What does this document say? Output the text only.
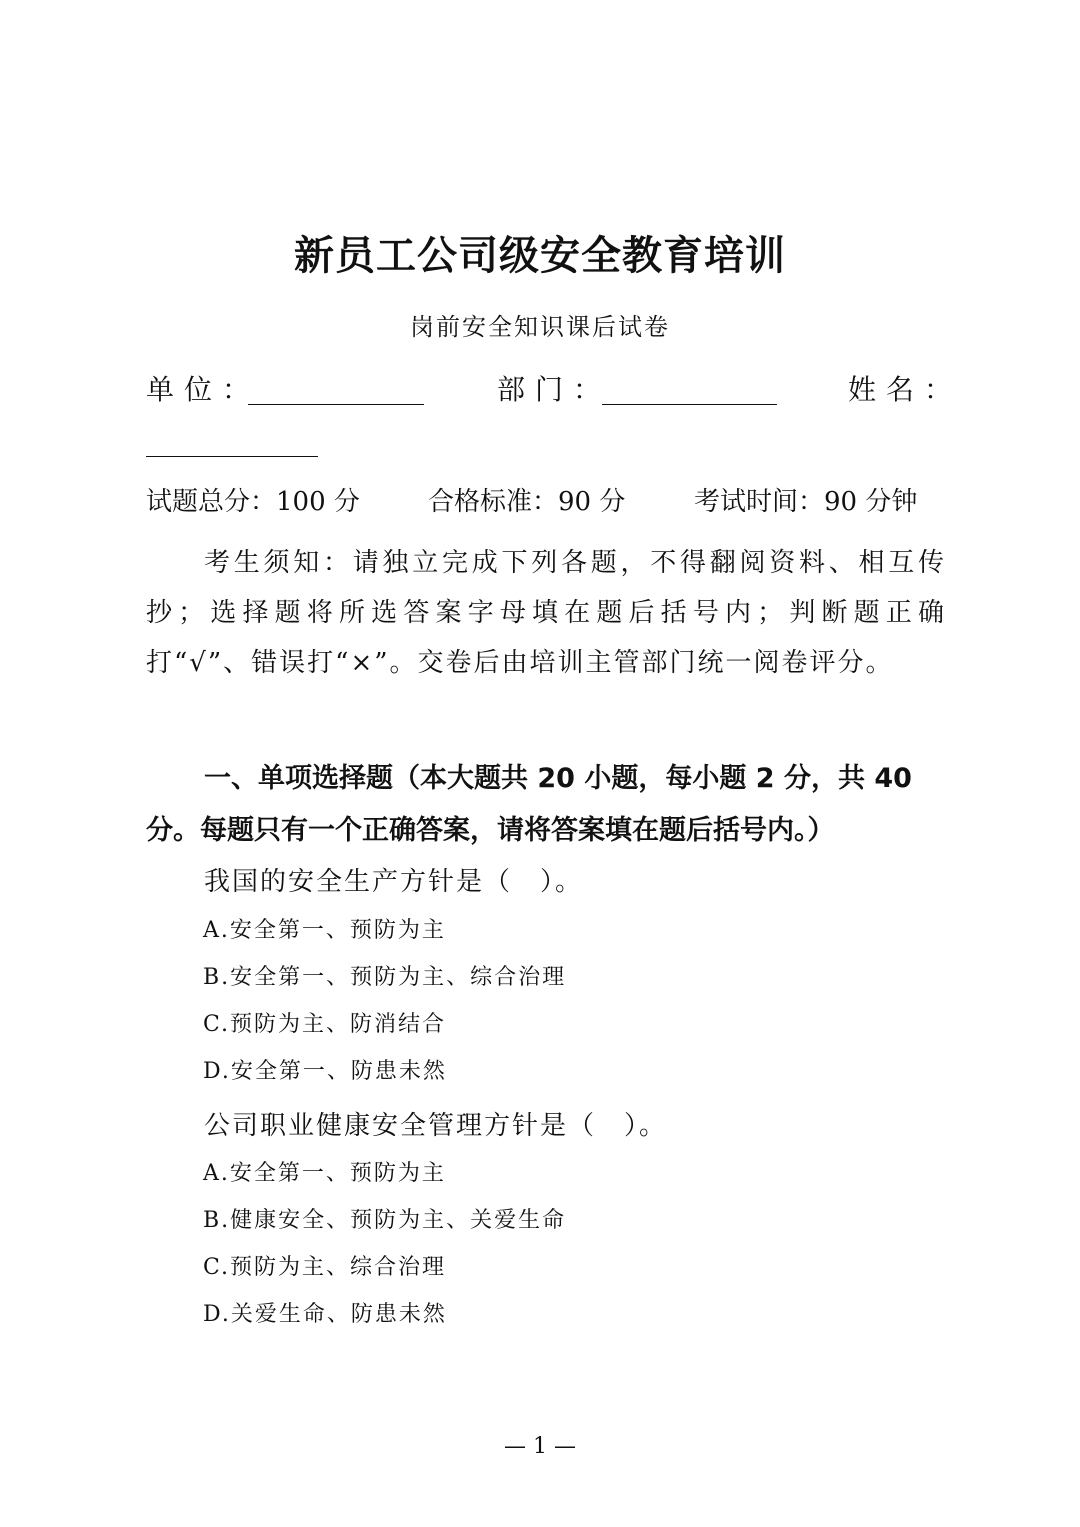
新员工公司级安全教育培训
岗前安全知识课后试卷
单位：	部门：	姓名：
试题总分：100 分	合格标准：90 分	考试时间：90 分钟

考生须知：请独立完成下列各题，不得翻阅资料、相互传抄；选择题将所选答案字母填在题后括号内；判断题正确打“√”、错误打“×”。交卷后由培训主管部门统一阅卷评分。

一、单项选择题（本大题共 20 小题，每小题 2 分，共 40 分。每题只有一个正确答案，请将答案填在题后括号内。）

我国的安全生产方针是（　）。
A.安全第一、预防为主
B.安全第一、预防为主、综合治理
C.预防为主、防消结合
D.安全第一、防患未然
公司职业健康安全管理方针是（　）。
A.安全第一、预防为主
B.健康安全、预防为主、关爱生命
C.预防为主、综合治理
D.关爱生命、防患未然
— 1 —
